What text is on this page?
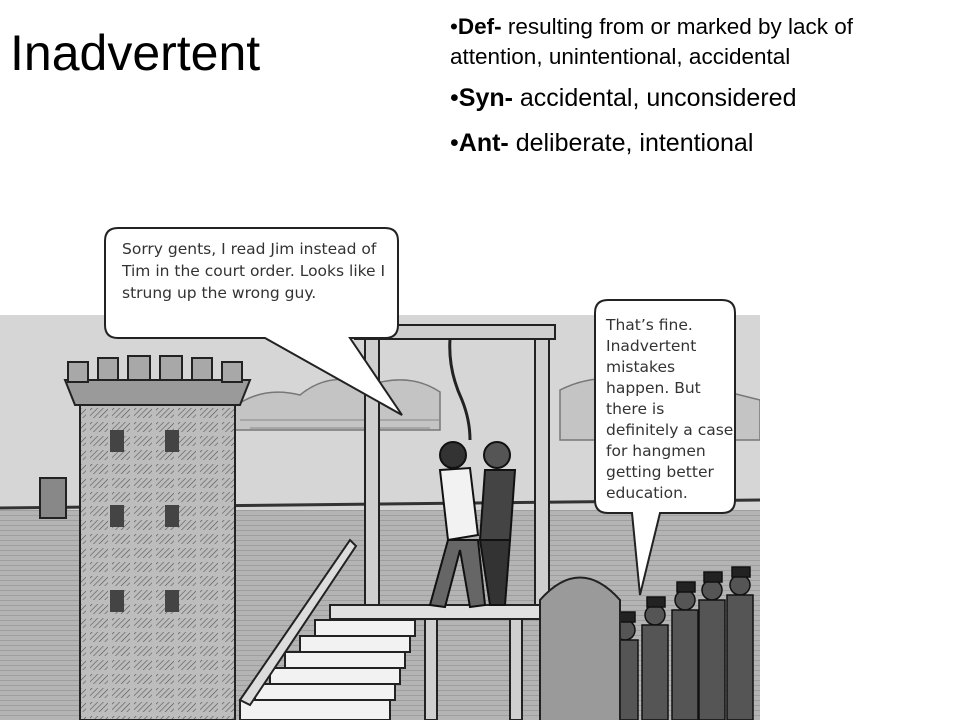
Inadvertent	•Def- resulting from or marked by lack of attention, unintentional, accidental
•Syn- accidental, unconsidered
•Ant- deliberate, intentional
Sorry gents, I read Jim instead of Tim in the court order. Looks like I strung up the wrong guy.
That’s fine. Inadvertent mistakes happen. But there is definitely a case for hangmen getting better education.
